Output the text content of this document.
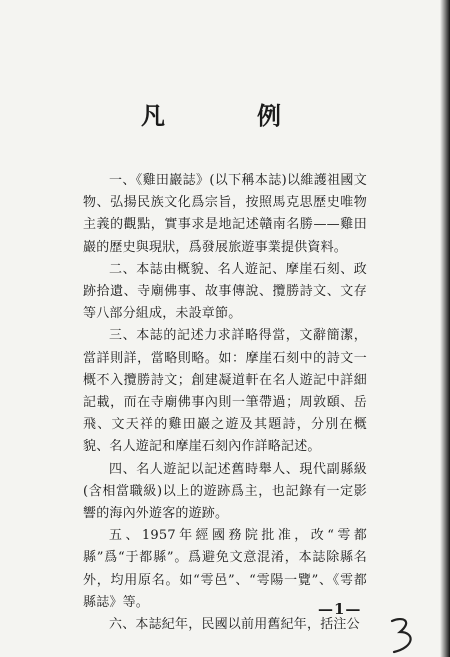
凡　例

一、《雞田巖誌》(以下稱本誌)以維護祖國文物、弘揚民族文化爲宗旨，按照馬克思歷史唯物主義的觀點，實事求是地記述贛南名勝——雞田巖的歷史與現狀，爲發展旅遊事業提供資料。

二、本誌由概貌、名人遊記、摩崖石刻、政跡拾遺、寺廟佛事、故事傳說、攬勝詩文、文存等八部分組成，未設章節。

三、本誌的記述力求詳略得當，文辭簡潔，當詳則詳，當略則略。如：摩崖石刻中的詩文一概不入攬勝詩文；創建凝道軒在名人遊記中詳細記載，而在寺廟佛事內則一筆帶過；周敦頤、岳飛、文天祥的雞田巖之遊及其題詩，分別在概貌、名人遊記和摩崖石刻內作詳略記述。

四、名人遊記以記述舊時舉人、現代副縣級(含相當職級)以上的遊跡爲主，也記錄有一定影響的海內外遊客的遊跡。

五、1957年經國務院批准，改“雩都縣”爲“于都縣”。爲避免文意混淆，本誌除縣名外，均用原名。如“雩邑”、“雩陽一覽”、《雩都縣誌》等。

六、本誌紀年，民國以前用舊紀年，括注公

—1—
